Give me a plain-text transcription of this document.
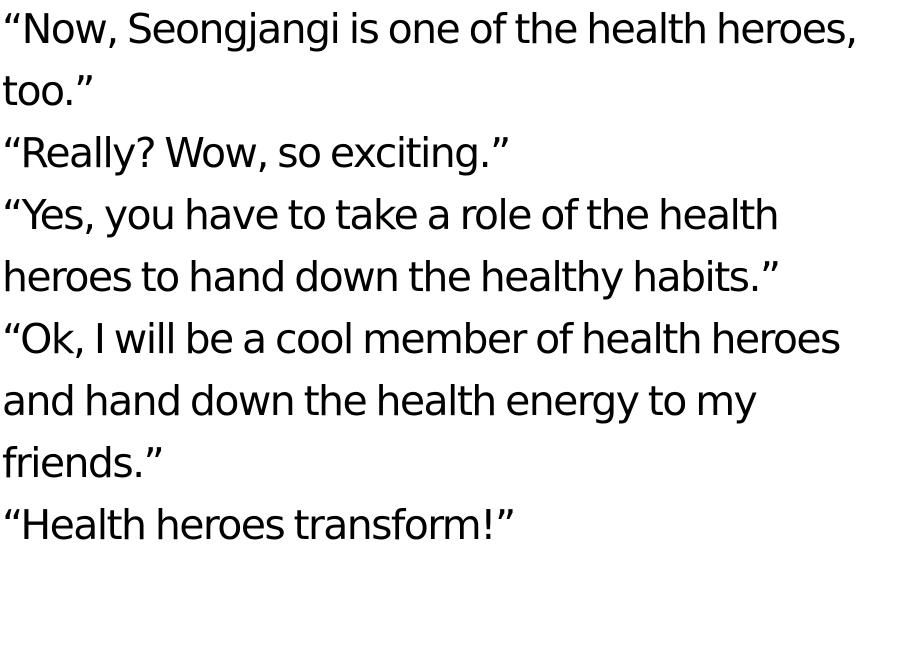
“Now, Seongjangi is one of the health heroes,
too.”
“Really? Wow, so exciting.”
“Yes, you have to take a role of the health
heroes to hand down the healthy habits.”
“Ok, I will be a cool member of health heroes
and hand down the health energy to my
friends.”
“Health heroes transform!”
